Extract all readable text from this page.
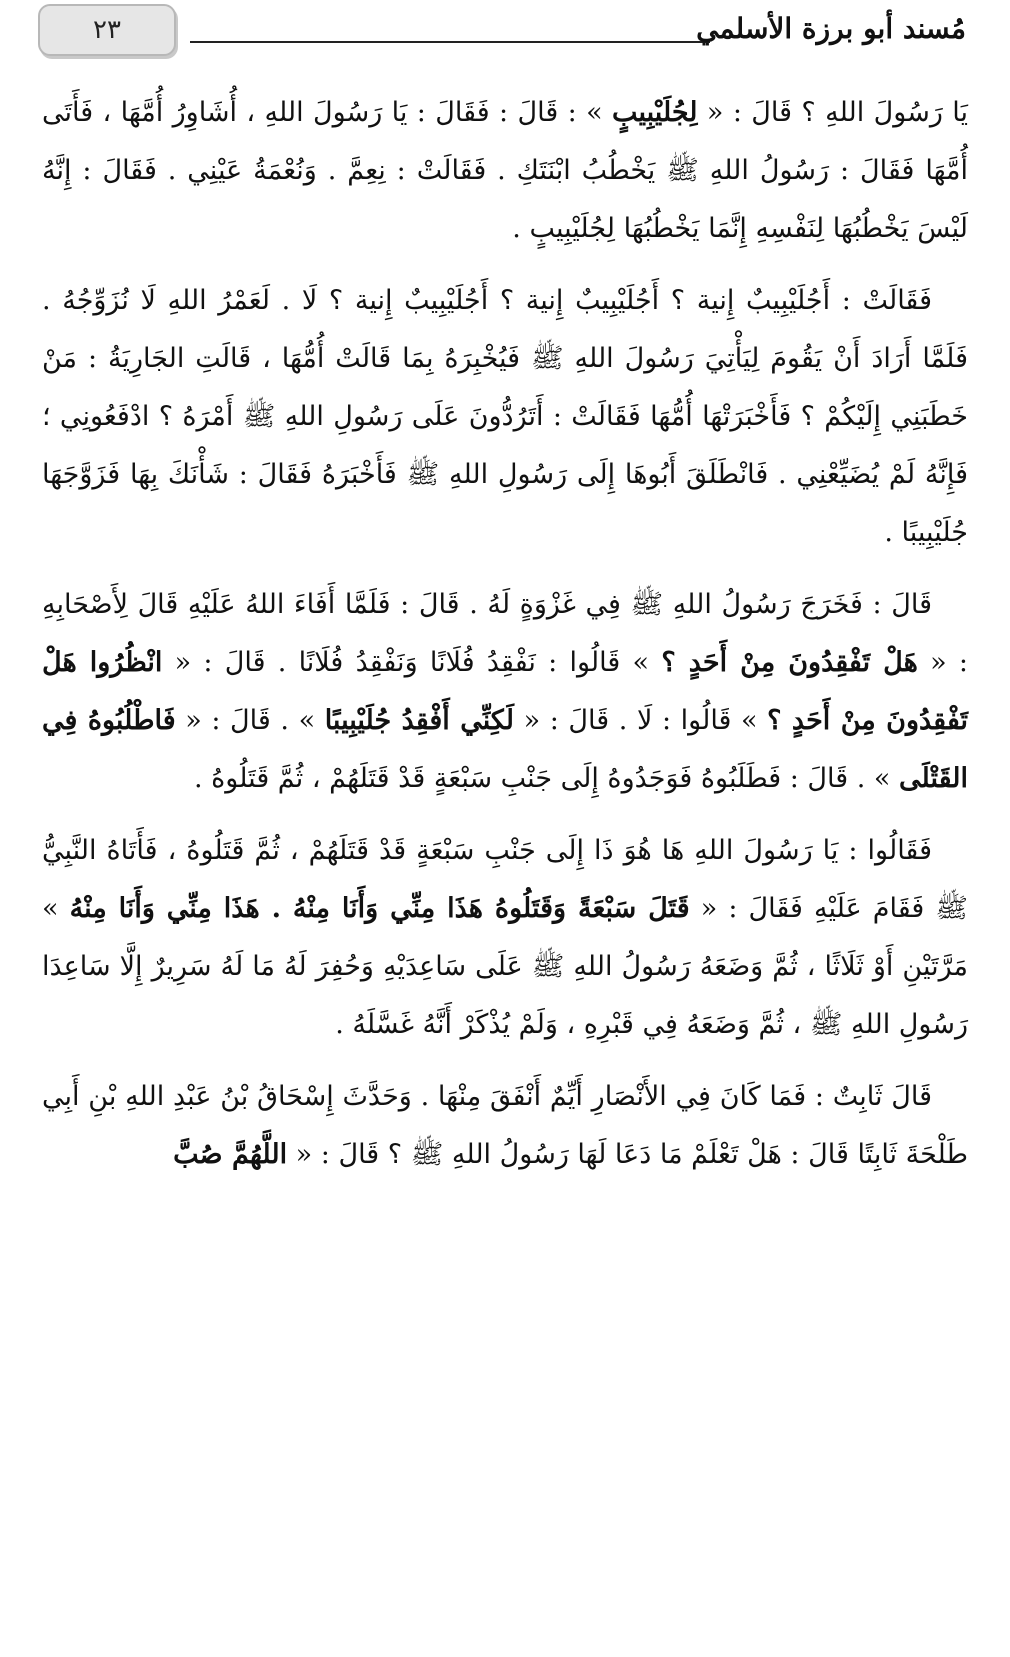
٢٣	مُسند أبو برزة الأسلمي

يَا رَسُولَ اللهِ ؟ قَالَ : « لِجُلَيْبِيبٍ » : قَالَ : فَقَالَ : يَا رَسُولَ اللهِ ، أُشَاوِرُ أُمَّهَا ، فَأَتَى أُمَّهَا فَقَالَ : رَسُولُ اللهِ ﷺ يَخْطُبُ ابْنَتَكِ . فَقَالَتْ : نِعِمَّ . وَنُعْمَةُ عَيْنِي . فَقَالَ : إِنَّهُ لَيْسَ يَخْطُبُهَا لِنَفْسِهِ إِنَّمَا يَخْطُبُهَا لِجُلَيْبِيبٍ .

فَقَالَتْ : أَجُلَيْبِيبٌ إِنية ؟ أَجُلَيْبِيبٌ إِنية ؟ أَجُلَيْبِيبٌ إِنية ؟ لَا . لَعَمْرُ اللهِ لَا نُزَوِّجُهُ . فَلَمَّا أَرَادَ أَنْ يَقُومَ لِيَأْتِيَ رَسُولَ اللهِ ﷺ فَيُخْبِرَهُ بِمَا قَالَتْ أُمُّهَا ، قَالَتِ الجَارِيَةُ : مَنْ خَطَبَنِي إِلَيْكُمْ ؟ فَأَخْبَرَتْهَا أُمُّهَا فَقَالَتْ : أَتَرُدُّونَ عَلَى رَسُولِ اللهِ ﷺ أَمْرَهُ ؟ ادْفَعُونِي ؛ فَإِنَّهُ لَمْ يُضَيِّعْنِي . فَانْطَلَقَ أَبُوهَا إِلَى رَسُولِ اللهِ ﷺ فَأَخْبَرَهُ فَقَالَ : شَأْنَكَ بِهَا فَزَوَّجَهَا جُلَيْبِيبًا .

قَالَ : فَخَرَجَ رَسُولُ اللهِ ﷺ فِي غَزْوَةٍ لَهُ . قَالَ : فَلَمَّا أَفَاءَ اللهُ عَلَيْهِ قَالَ لِأَصْحَابِهِ : « هَلْ تَفْقِدُونَ مِنْ أَحَدٍ ؟ » قَالُوا : نَفْقِدُ فُلَانًا وَنَفْقِدُ فُلَانًا . قَالَ : « انْظُرُوا هَلْ تَفْقِدُونَ مِنْ أَحَدٍ ؟ » قَالُوا : لَا . قَالَ : « لَكِنِّي أَفْقِدُ جُلَيْبِيبًا » . قَالَ : « فَاطْلُبُوهُ فِي القَتْلَى » . قَالَ : فَطَلَبُوهُ فَوَجَدُوهُ إِلَى جَنْبِ سَبْعَةٍ قَدْ قَتَلَهُمْ ، ثُمَّ قَتَلُوهُ .

فَقَالُوا : يَا رَسُولَ اللهِ هَا هُوَ ذَا إِلَى جَنْبِ سَبْعَةٍ قَدْ قَتَلَهُمْ ، ثُمَّ قَتَلُوهُ ، فَأَتَاهُ النَّبِيُّ ﷺ فَقَامَ عَلَيْهِ فَقَالَ : « قَتَلَ سَبْعَةً وَقَتَلُوهُ هَذَا مِنِّي وَأَنَا مِنْهُ . هَذَا مِنِّي وَأَنَا مِنْهُ » مَرَّتَيْنِ أَوْ ثَلَاثًا ، ثُمَّ وَضَعَهُ رَسُولُ اللهِ ﷺ عَلَى سَاعِدَيْهِ وَحُفِرَ لَهُ مَا لَهُ سَرِيرٌ إِلَّا سَاعِدَا رَسُولِ اللهِ ﷺ ، ثُمَّ وَضَعَهُ فِي قَبْرِهِ ، وَلَمْ يُذْكَرْ أَنَّهُ غَسَّلَهُ .

قَالَ ثَابِتٌ : فَمَا كَانَ فِي الأَنْصَارِ أَيِّمٌ أَنْفَقَ مِنْهَا . وَحَدَّثَ إِسْحَاقُ بْنُ عَبْدِ اللهِ بْنِ أَبِي طَلْحَةَ ثَابِتًا قَالَ : هَلْ تَعْلَمْ مَا دَعَا لَهَا رَسُولُ اللهِ ﷺ ؟ قَالَ : « اللَّهُمَّ صُبَّ
